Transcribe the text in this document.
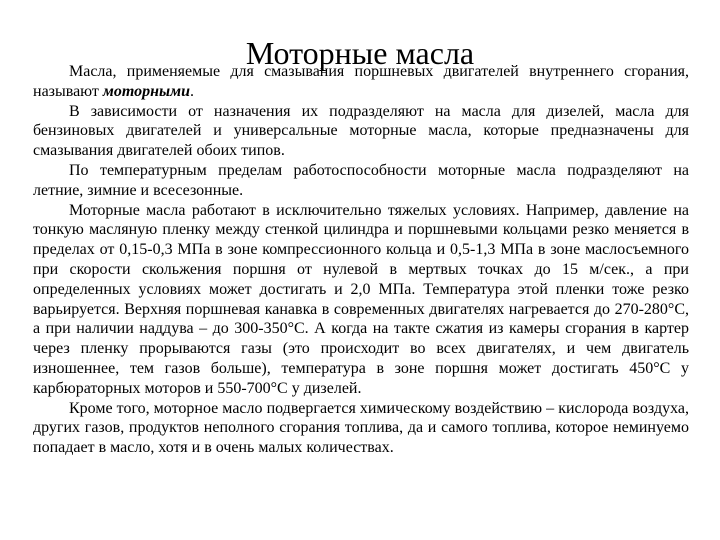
Моторные масла

Масла, применяемые для смазывания поршневых двигателей внутреннего сгорания, называют моторными.

В зависимости от назначения их подразделяют на масла для дизелей, масла для бензиновых двигателей и универсальные моторные масла, которые предназначены для смазывания двигателей обоих типов.

По температурным пределам работоспособности моторные масла подразделяют на летние, зимние и всесезонные.

Моторные масла работают в исключительно тяжелых условиях. Например, давление на тонкую масляную пленку между стенкой цилиндра и поршневыми кольцами резко меняется в пределах от 0,15-0,3 МПа в зоне компрессионного кольца и 0,5-1,3 МПа в зоне маслосъемного при скорости скольжения поршня от нулевой в мертвых точках до 15 м/сек., а при определенных условиях может достигать и 2,0 МПа. Температура этой пленки тоже резко варьируется. Верхняя поршневая канавка в современных двигателях нагревается до 270-280°С, а при наличии наддува – до 300-350°С. А когда на такте сжатия из камеры сгорания в картер через пленку прорываются газы (это происходит во всех двигателях, и чем двигатель изношеннее, тем газов больше), температура в зоне поршня может достигать 450°С у карбюраторных моторов и 550-700°С у дизелей.

Кроме того, моторное масло подвергается химическому воздействию – кислорода воздуха, других газов, продуктов неполного сгорания топлива, да и самого топлива, которое неминуемо попадает в масло, хотя и в очень малых количествах.
